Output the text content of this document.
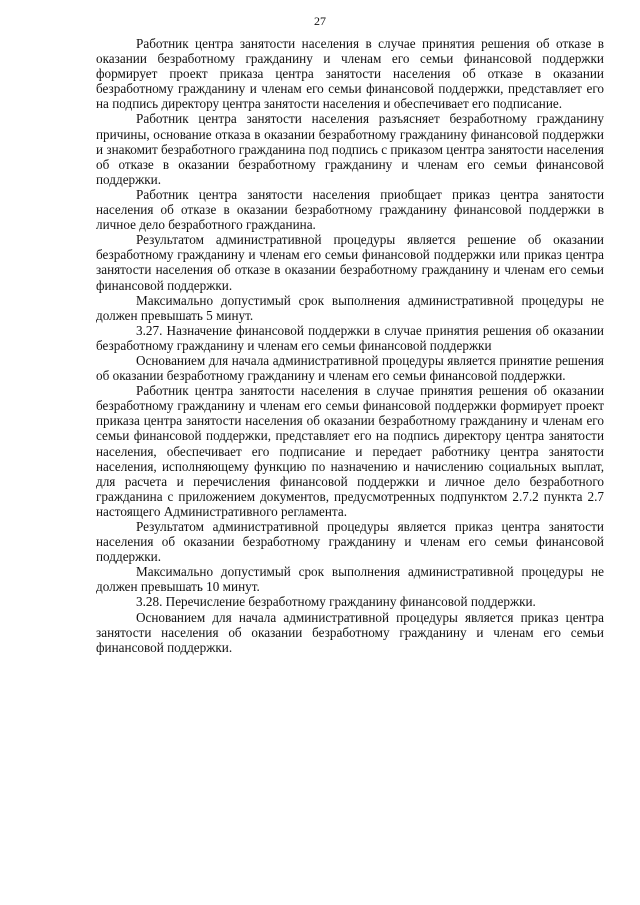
27

Работник центра занятости населения в случае принятия решения об отказе в оказании безработному гражданину и членам его семьи финансовой поддержки формирует проект приказа центра занятости населения об отказе в оказании безработному гражданину и членам его семьи финансовой поддержки, представляет его на подпись директору центра занятости населения и обеспечивает его подписание.

Работник центра занятости населения разъясняет безработному гражданину причины, основание отказа в оказании безработному гражданину финансовой поддержки и знакомит безработного гражданина под подпись с приказом центра занятости населения об отказе в оказании безработному гражданину и членам его семьи финансовой поддержки.

Работник центра занятости населения приобщает приказ центра занятости населения об отказе в оказании безработному гражданину финансовой поддержки в личное дело безработного гражданина.

Результатом административной процедуры является решение об оказании безработному гражданину и членам его семьи финансовой поддержки или приказ центра занятости населения об отказе в оказании безработному гражданину и членам его семьи финансовой поддержки.

Максимально допустимый срок выполнения административной процедуры не должен превышать 5 минут.

3.27. Назначение финансовой поддержки в случае принятия решения об оказании безработному гражданину и членам его семьи финансовой поддержки

Основанием для начала административной процедуры является принятие решения об оказании безработному гражданину и членам его семьи финансовой поддержки.

Работник центра занятости населения в случае принятия решения об оказании безработному гражданину и членам его семьи финансовой поддержки формирует проект приказа центра занятости населения об оказании безработному гражданину и членам его семьи финансовой поддержки, представляет его на подпись директору центра занятости населения, обеспечивает его подписание и передает работнику центра занятости населения, исполняющему функцию по назначению и начислению социальных выплат, для расчета и перечисления финансовой поддержки и личное дело безработного гражданина с приложением документов, предусмотренных подпунктом 2.7.2 пункта 2.7 настоящего Административного регламента.

Результатом административной процедуры является приказ центра занятости населения об оказании безработному гражданину и членам его семьи финансовой поддержки.

Максимально допустимый срок выполнения административной процедуры не должен превышать 10 минут.

3.28. Перечисление безработному гражданину финансовой поддержки.

Основанием для начала административной процедуры является приказ центра занятости населения об оказании безработному гражданину и членам его семьи финансовой поддержки.
